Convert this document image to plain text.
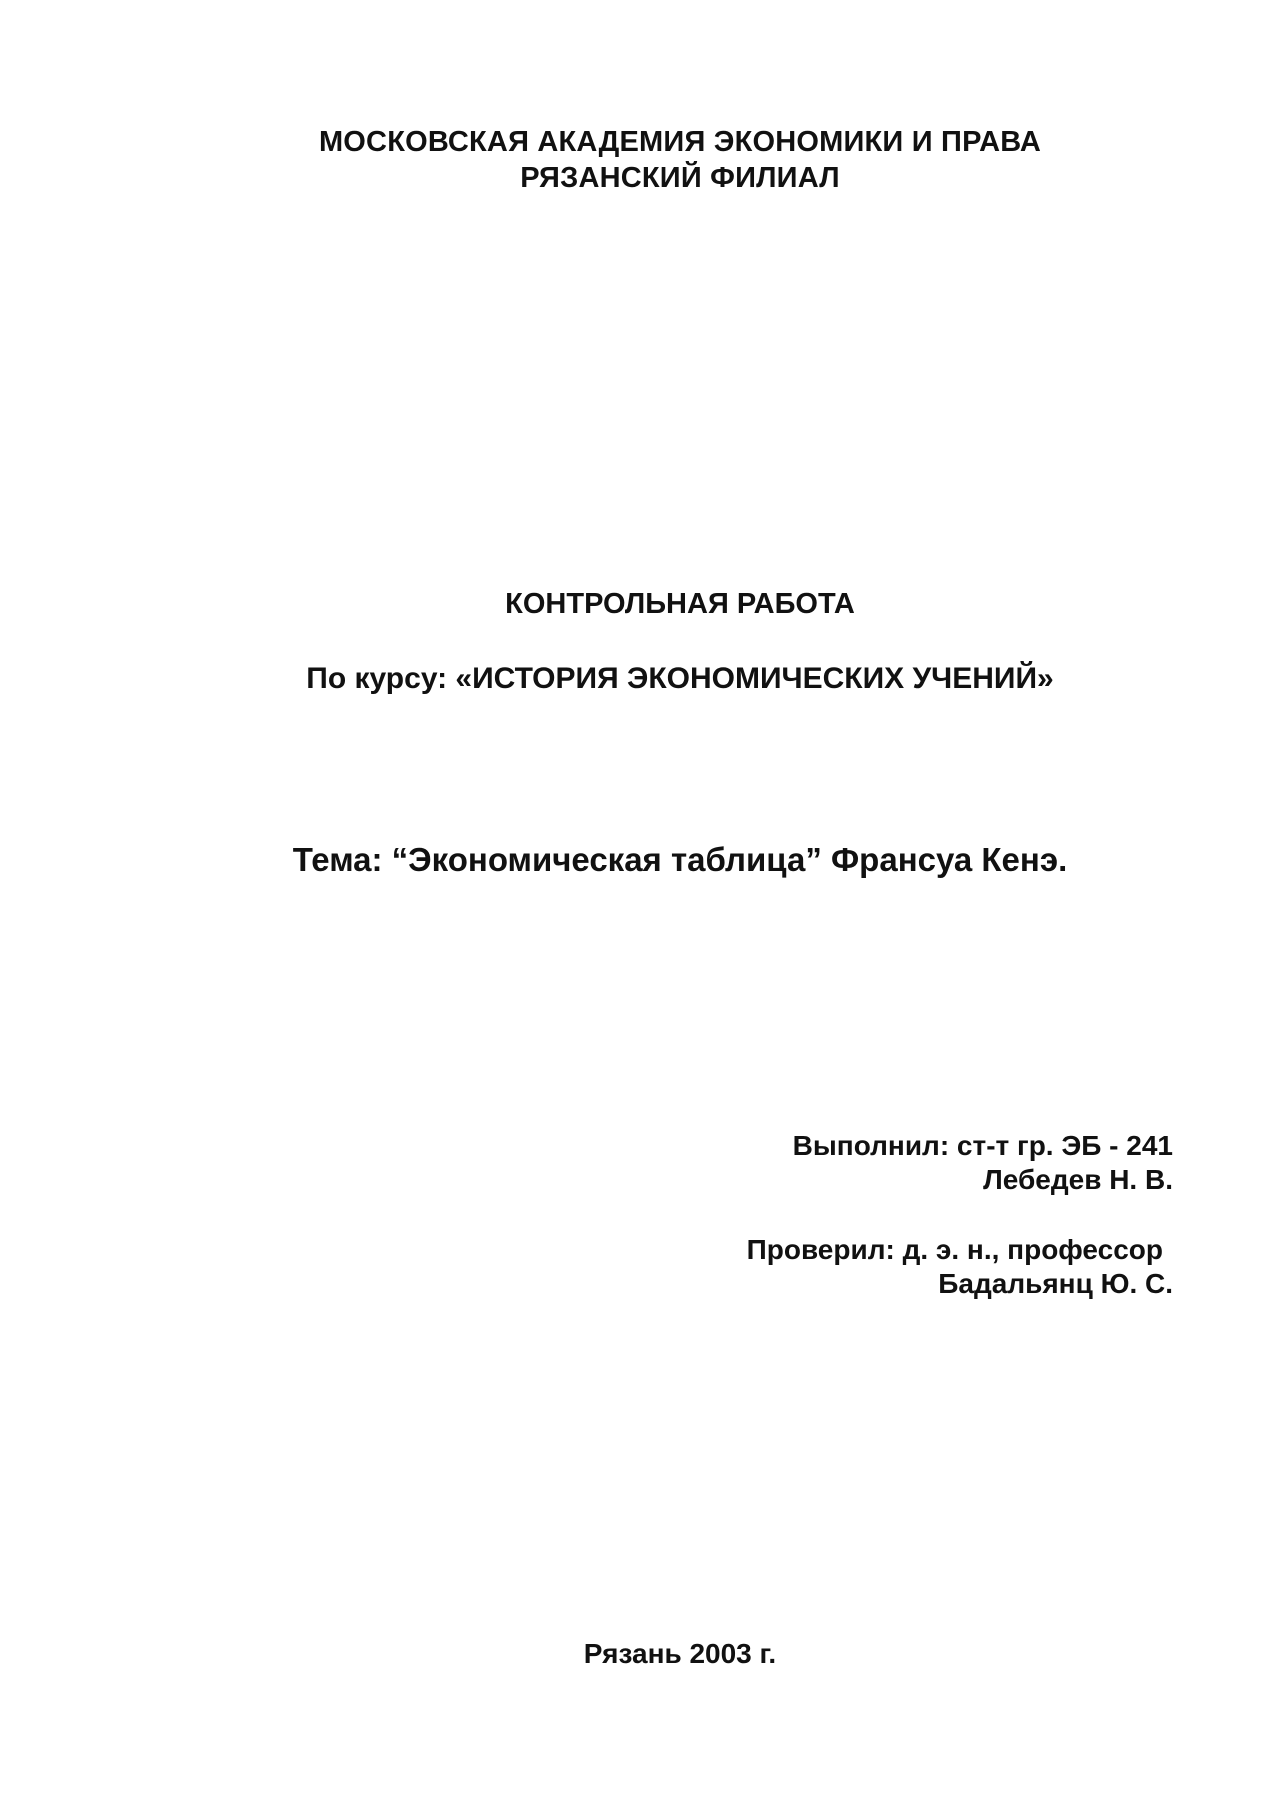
МОСКОВСКАЯ АКАДЕМИЯ ЭКОНОМИКИ И ПРАВА
РЯЗАНСКИЙ ФИЛИАЛ
КОНТРОЛЬНАЯ РАБОТА
По курсу: «ИСТОРИЯ ЭКОНОМИЧЕСКИХ УЧЕНИЙ»
Тема: “Экономическая таблица” Франсуа Кенэ.
Выполнил: ст-т гр. ЭБ - 241
Лебедев Н. В.
Проверил: д. э. н., профессор
Бадальянц Ю. С.
Рязань 2003 г.
